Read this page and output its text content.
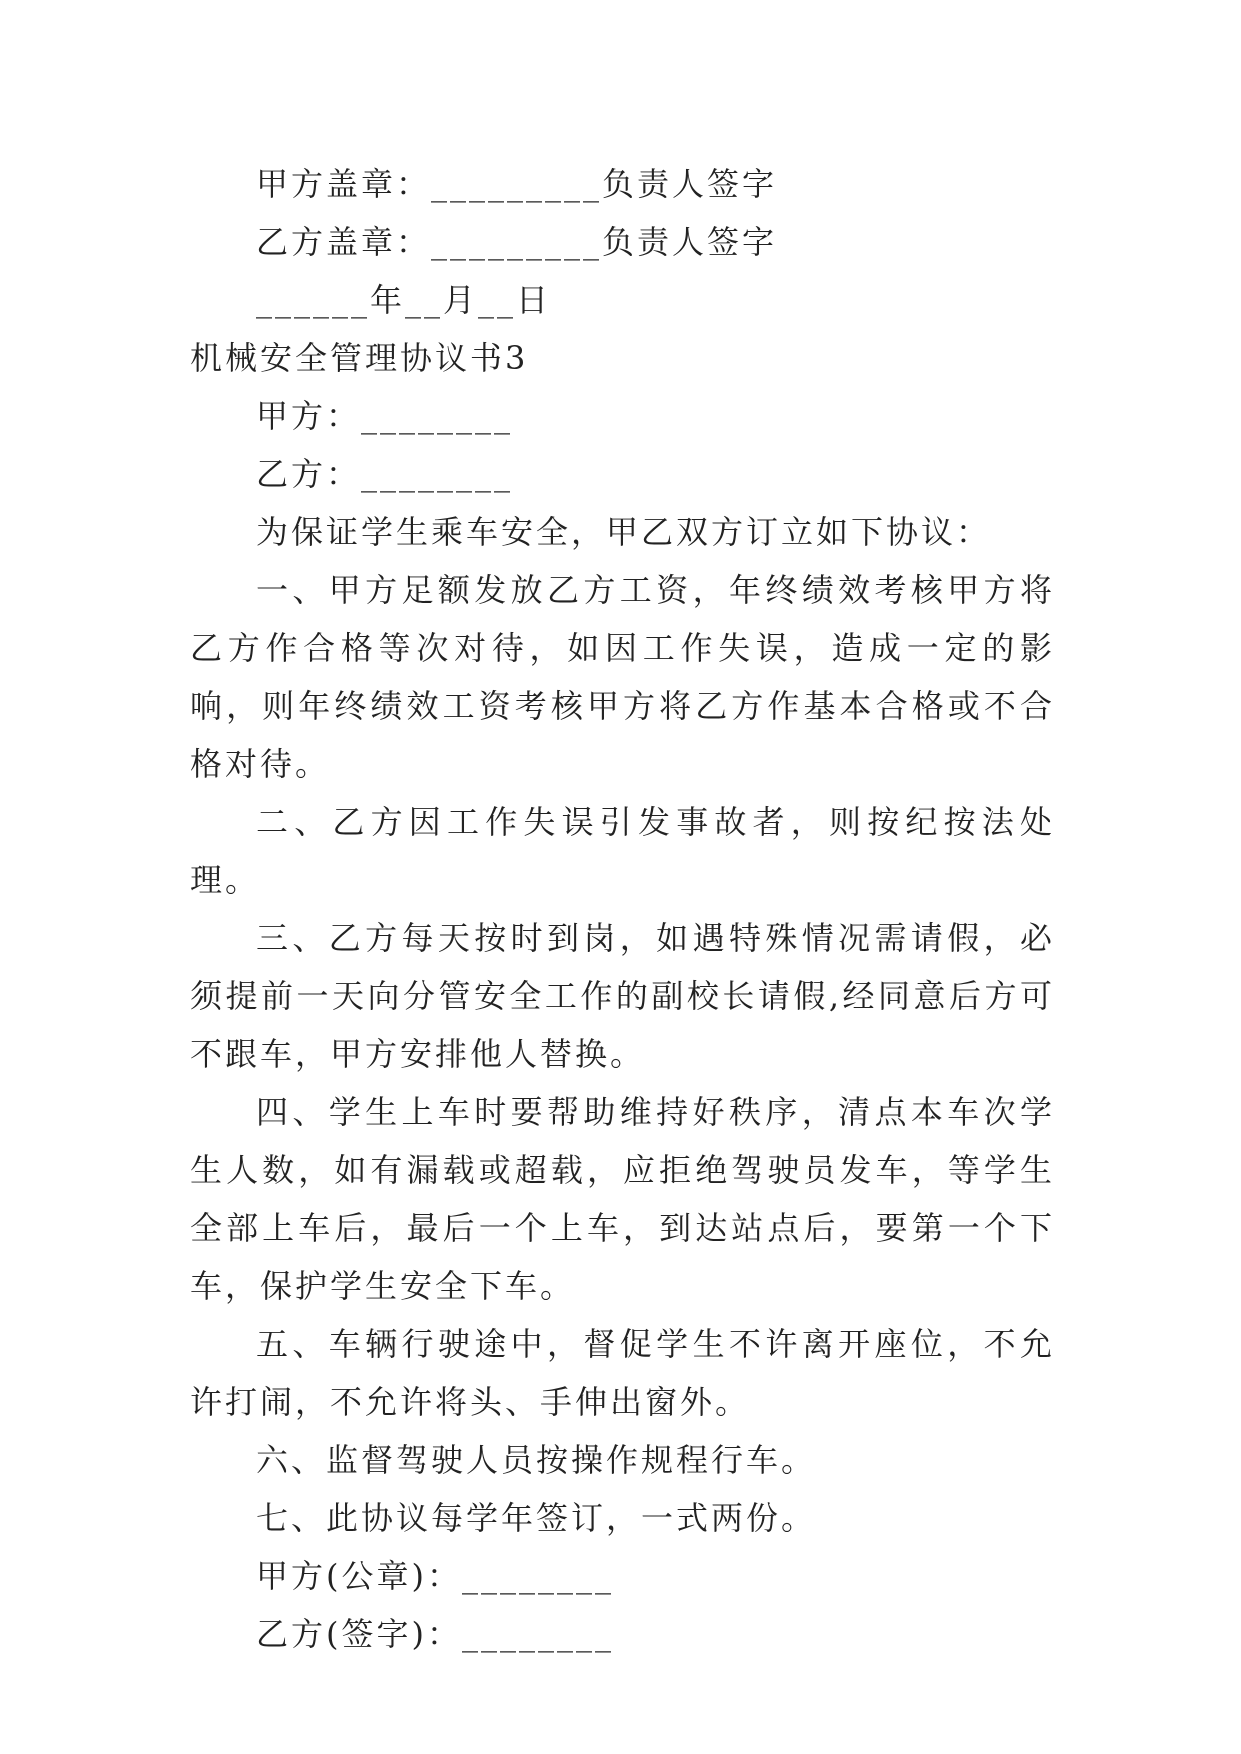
甲方盖章：_________负责人签字
乙方盖章：_________负责人签字
______年__月__日
机械安全管理协议书3
甲方：________
乙方：________

为保证学生乘车安全，甲乙双方订立如下协议：

一、甲方足额发放乙方工资，年终绩效考核甲方将乙方作合格等次对待，如因工作失误，造成一定的影响，则年终绩效工资考核甲方将乙方作基本合格或不合格对待。

二、乙方因工作失误引发事故者，则按纪按法处理。

三、乙方每天按时到岗，如遇特殊情况需请假，必须提前一天向分管安全工作的副校长请假,经同意后方可不跟车，甲方安排他人替换。

四、学生上车时要帮助维持好秩序，清点本车次学生人数，如有漏载或超载，应拒绝驾驶员发车，等学生全部上车后，最后一个上车，到达站点后，要第一个下车，保护学生安全下车。

五、车辆行驶途中，督促学生不许离开座位，不允许打闹，不允许将头、手伸出窗外。

六、监督驾驶人员按操作规程行车。

七、此协议每学年签订，一式两份。

甲方(公章)：________
乙方(签字)：________
